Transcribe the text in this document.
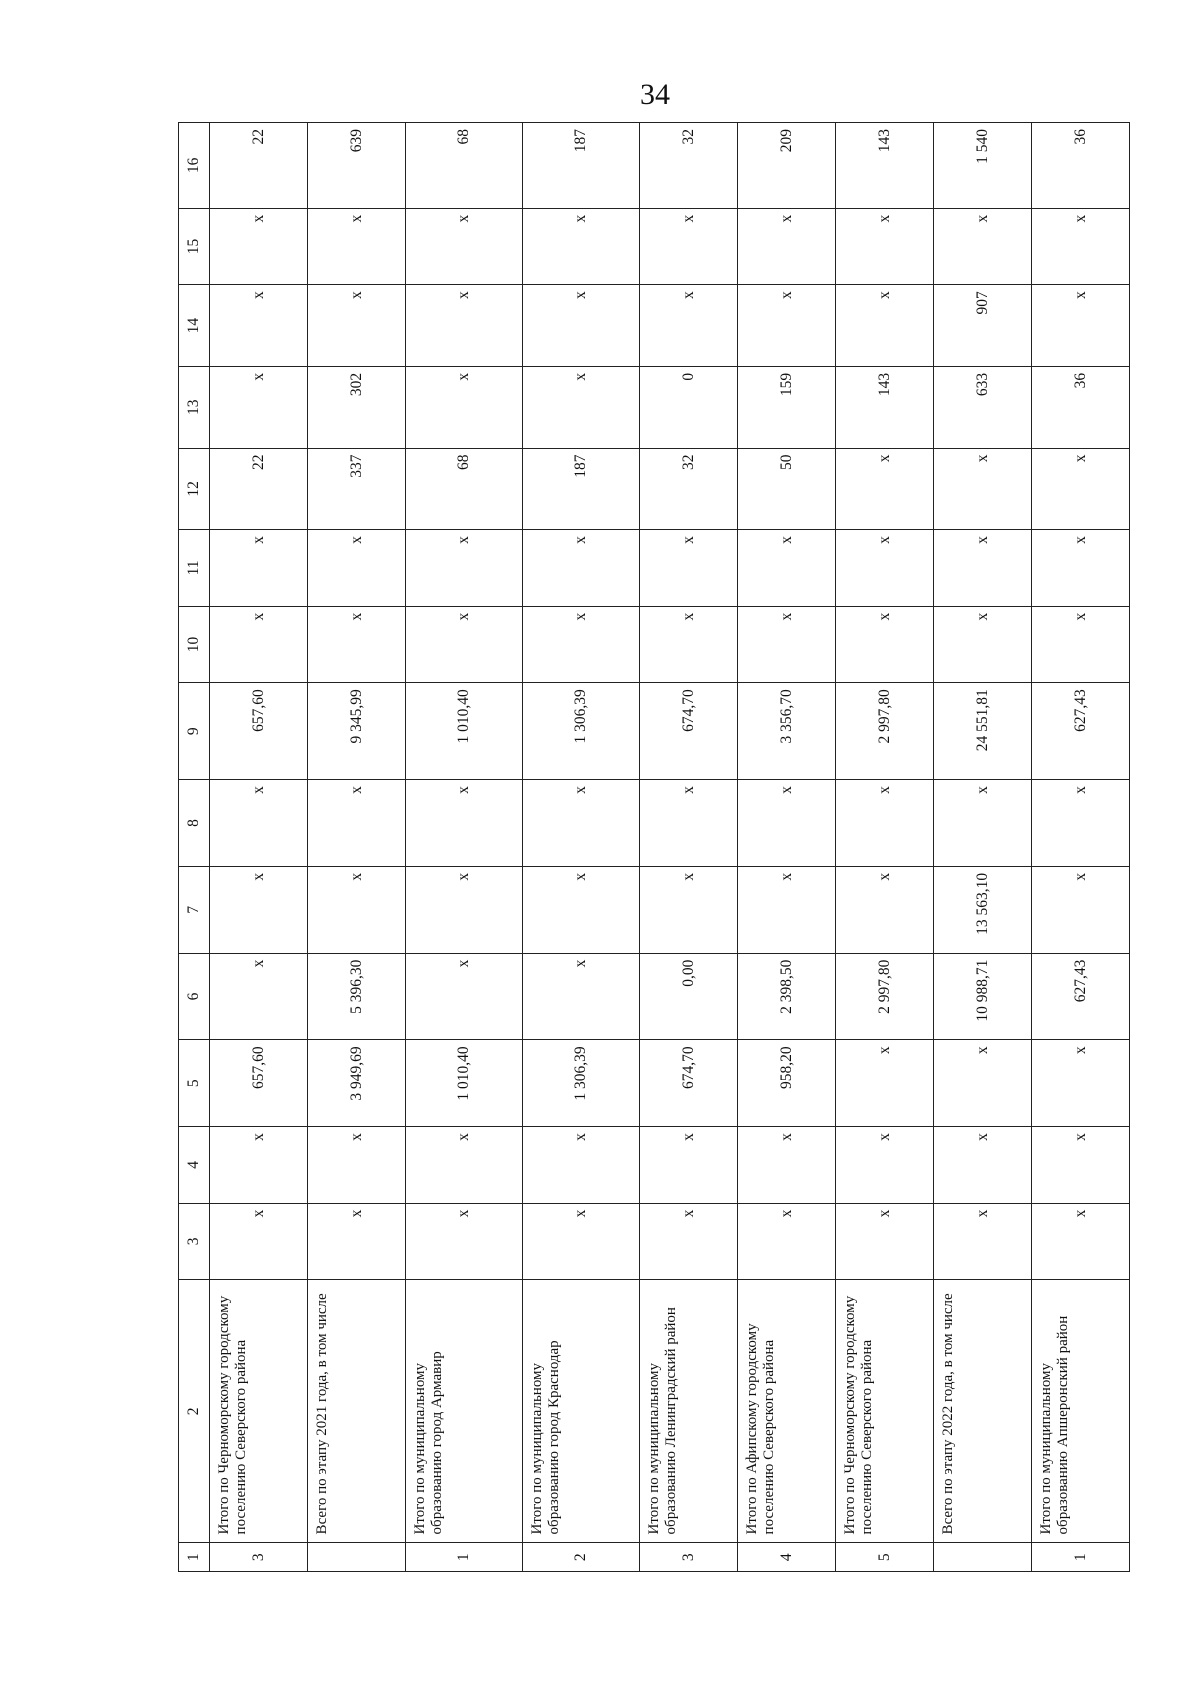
34
1	2	3	4	5	6	7	8	9	10	11	12	13	14	15	16
3	Итого по Черноморскому городскому поселению Северского района	x	x	657,60	x	x	x	657,60	x	x	22	x	x	x	22
	Всего по этапу 2021 года, в том числе	x	x	3 949,69	5 396,30	x	x	9 345,99	x	x	337	302	x	x	639
1	Итого по муниципальному образованию город Армавир	x	x	1 010,40	x	x	x	1 010,40	x	x	68	x	x	x	68
2	Итого по муниципальному образованию город Краснодар	x	x	1 306,39	x	x	x	1 306,39	x	x	187	x	x	x	187
3	Итого по муниципальному образованию Ленинградский район	x	x	674,70	0,00	x	x	674,70	x	x	32	0	x	x	32
4	Итого по Афипскому городскому поселению Северского района	x	x	958,20	2 398,50	x	x	3 356,70	x	x	50	159	x	x	209
5	Итого по Черноморскому городскому поселению Северского района	x	x	x	2 997,80	x	x	2 997,80	x	x	x	143	x	x	143
	Всего по этапу 2022 года, в том числе	x	x	x	10 988,71	13 563,10	x	24 551,81	x	x	x	633	907	x	1 540
1	Итого по муниципальному образованию Апшеронский район	x	x	x	627,43	x	x	627,43	x	x	x	36	x	x	36
